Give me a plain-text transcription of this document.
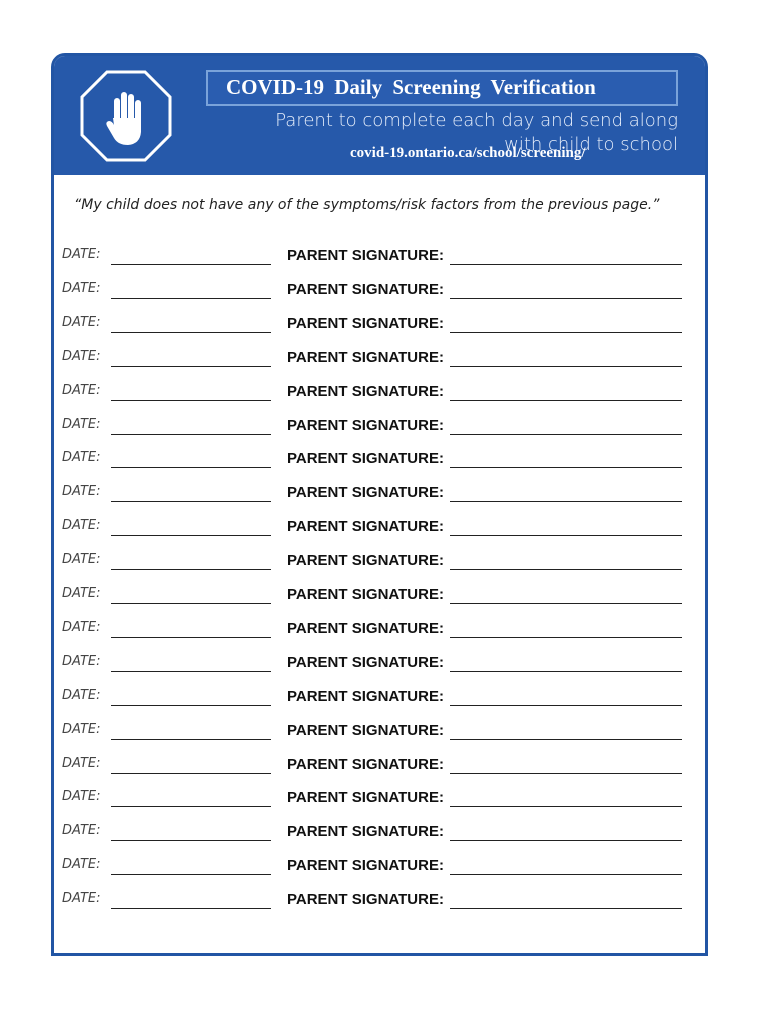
COVID-19 Daily Screening Verification
Parent to complete each day and send along with child to school
covid-19.ontario.ca/school/screening/
“My child does not have any of the symptoms/risk factors from the previous page.”
DATE:	PARENT SIGNATURE:
DATE:	PARENT SIGNATURE:
DATE:	PARENT SIGNATURE:
DATE:	PARENT SIGNATURE:
DATE:	PARENT SIGNATURE:
DATE:	PARENT SIGNATURE:
DATE:	PARENT SIGNATURE:
DATE:	PARENT SIGNATURE:
DATE:	PARENT SIGNATURE:
DATE:	PARENT SIGNATURE:
DATE:	PARENT SIGNATURE:
DATE:	PARENT SIGNATURE:
DATE:	PARENT SIGNATURE:
DATE:	PARENT SIGNATURE:
DATE:	PARENT SIGNATURE:
DATE:	PARENT SIGNATURE:
DATE:	PARENT SIGNATURE:
DATE:	PARENT SIGNATURE:
DATE:	PARENT SIGNATURE:
DATE:	PARENT SIGNATURE:
